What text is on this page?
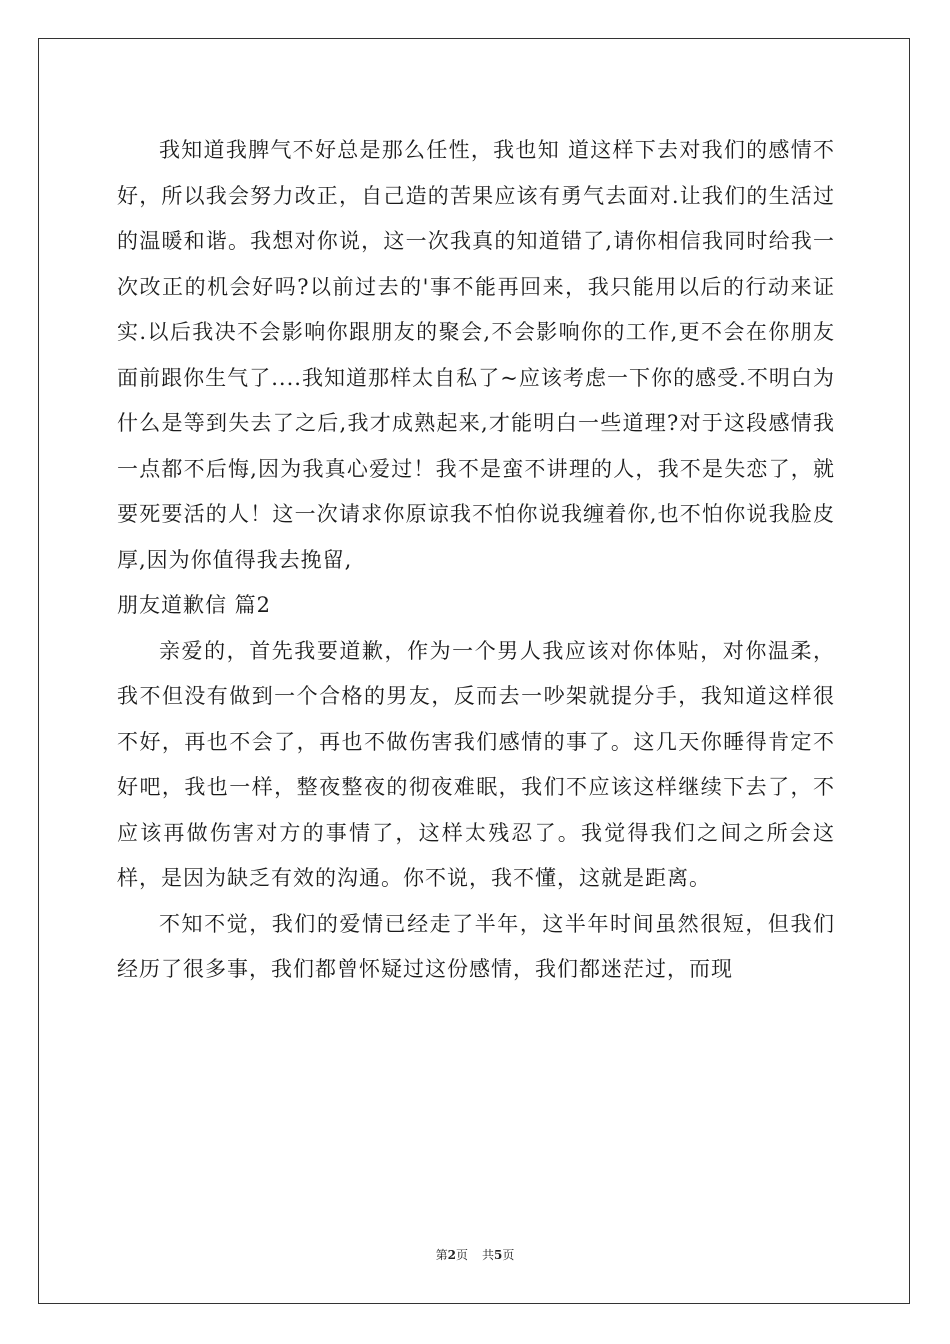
我知道我脾气不好总是那么任性，我也知 道这样下去对我们的感情不好，所以我会努力改正，自己造的苦果应该有勇气去面对.让我们的生活过的温暖和谐。我想对你说，这一次我真的知道错了,请你相信我同时给我一次改正的机会好吗?以前过去的'事不能再回来，我只能用以后的行动来证实.以后我决不会影响你跟朋友的聚会,不会影响你的工作,更不会在你朋友面前跟你生气了....我知道那样太自私了~应该考虑一下你的感受.不明白为什么是等到失去了之后,我才成熟起来,才能明白一些道理?对于这段感情我一点都不后悔,因为我真心爱过！我不是蛮不讲理的人，我不是失恋了，就要死要活的人！这一次请求你原谅我不怕你说我缠着你,也不怕你说我脸皮厚,因为你值得我去挽留,

朋友道歉信 篇2

亲爱的，首先我要道歉，作为一个男人我应该对你体贴，对你温柔，我不但没有做到一个合格的男友，反而去一吵架就提分手，我知道这样很不好，再也不会了，再也不做伤害我们感情的事了。这几天你睡得肯定不好吧，我也一样，整夜整夜的彻夜难眠，我们不应该这样继续下去了，不应该再做伤害对方的事情了，这样太残忍了。我觉得我们之间之所会这样，是因为缺乏有效的沟通。你不说，我不懂，这就是距离。

不知不觉，我们的爱情已经走了半年，这半年时间虽然很短，但我们经历了很多事，我们都曾怀疑过这份感情，我们都迷茫过，而现

第2页 共5页
